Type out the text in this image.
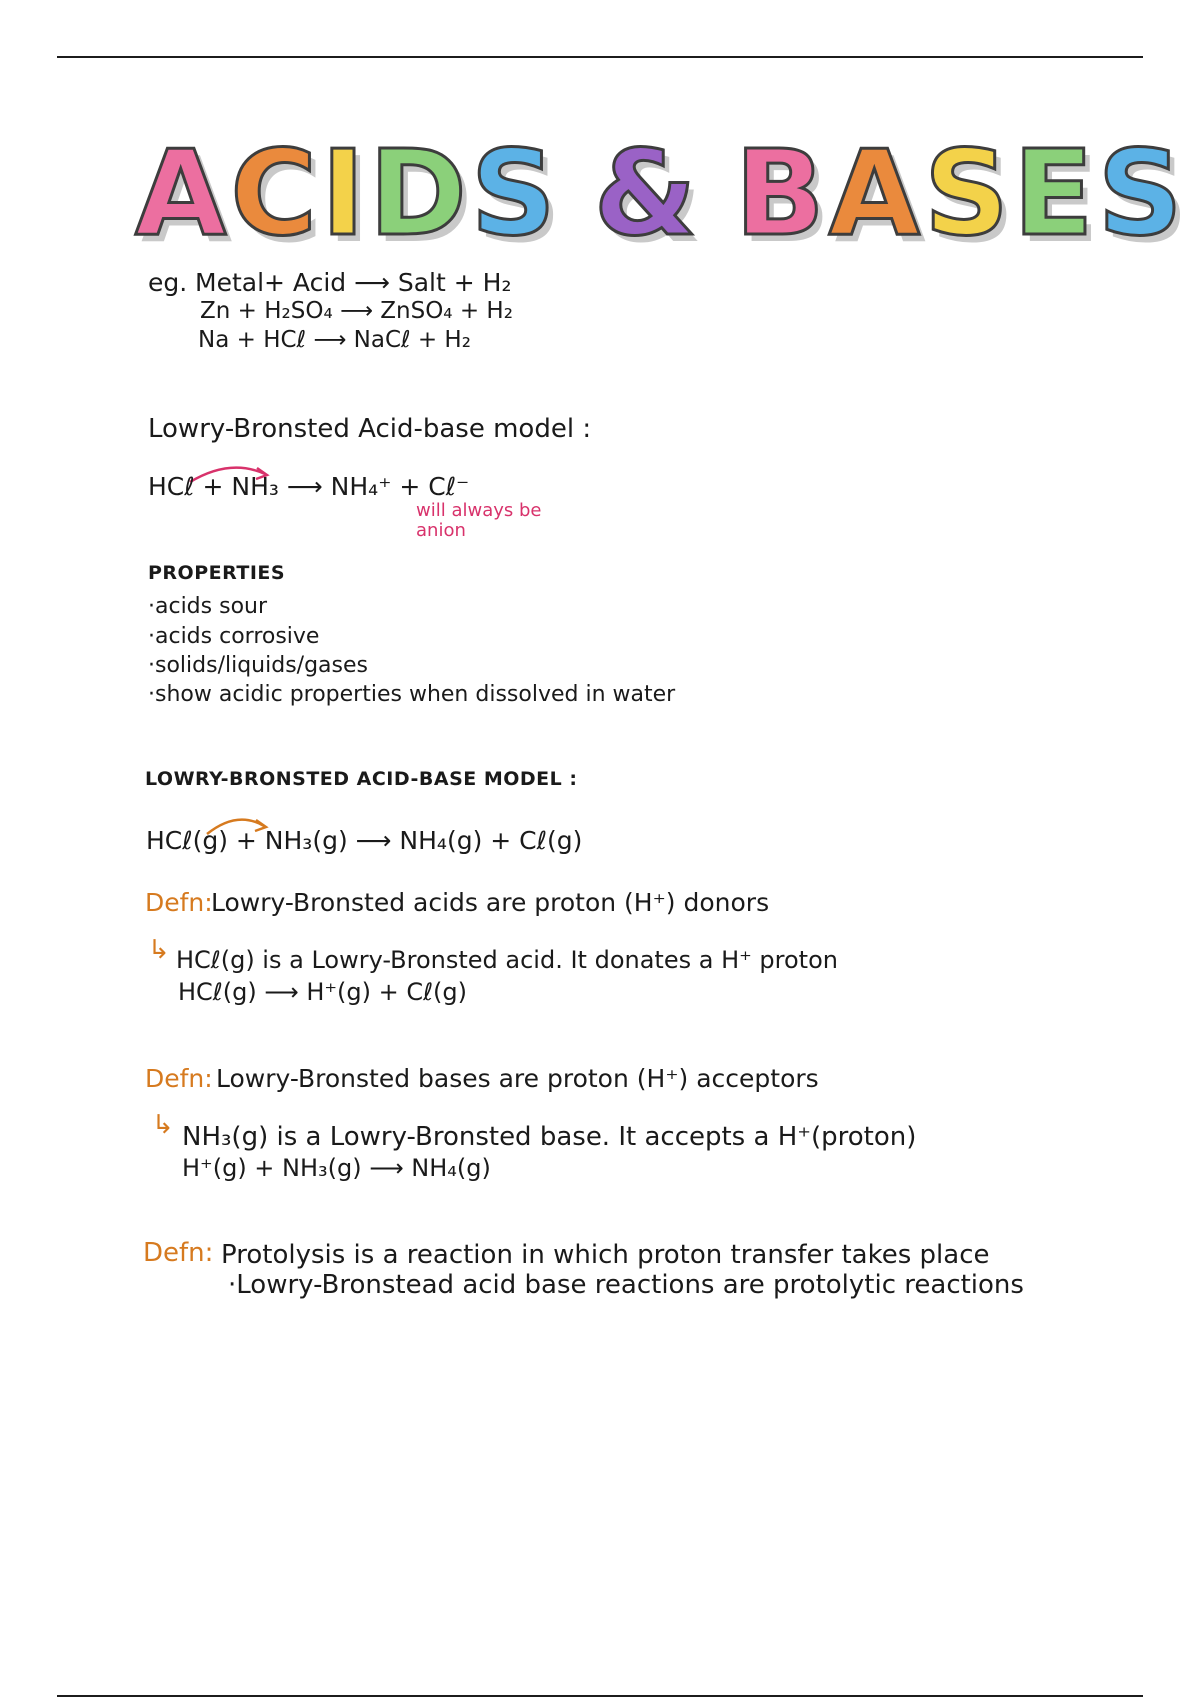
A C I D S & B A S E S
eg. Metal+ Acid ⟶ Salt + H₂
Zn + H₂SO₄ ⟶ ZnSO₄ + H₂
Na + HCℓ ⟶ NaCℓ + H₂
Lowry-Bronsted Acid-base model :
HCℓ + NH₃ ⟶ NH₄⁺ + Cℓ⁻
will always be
anion
PROPERTIES
·acids sour
·acids corrosive
·solids/liquids/gases
·show acidic properties when dissolved in water
LOWRY-BRONSTED ACID-BASE MODEL :
HCℓ(g) + NH₃(g) ⟶ NH₄(g) + Cℓ(g)
Defn:
Lowry-Bronsted acids are proton (H⁺) donors
↳ HCℓ(g) is a Lowry-Bronsted acid. It donates a H⁺ proton
HCℓ(g) ⟶ H⁺(g) + Cℓ(g)
Defn: Lowry-Bronsted bases are proton (H⁺) acceptors
↳ NH₃(g) is a Lowry-Bronsted base. It accepts a H⁺(proton)
H⁺(g) + NH₃(g) ⟶ NH₄(g)
Defn: Protolysis is a reaction in which proton transfer takes place
·Lowry-Bronstead acid base reactions are protolytic reactions
